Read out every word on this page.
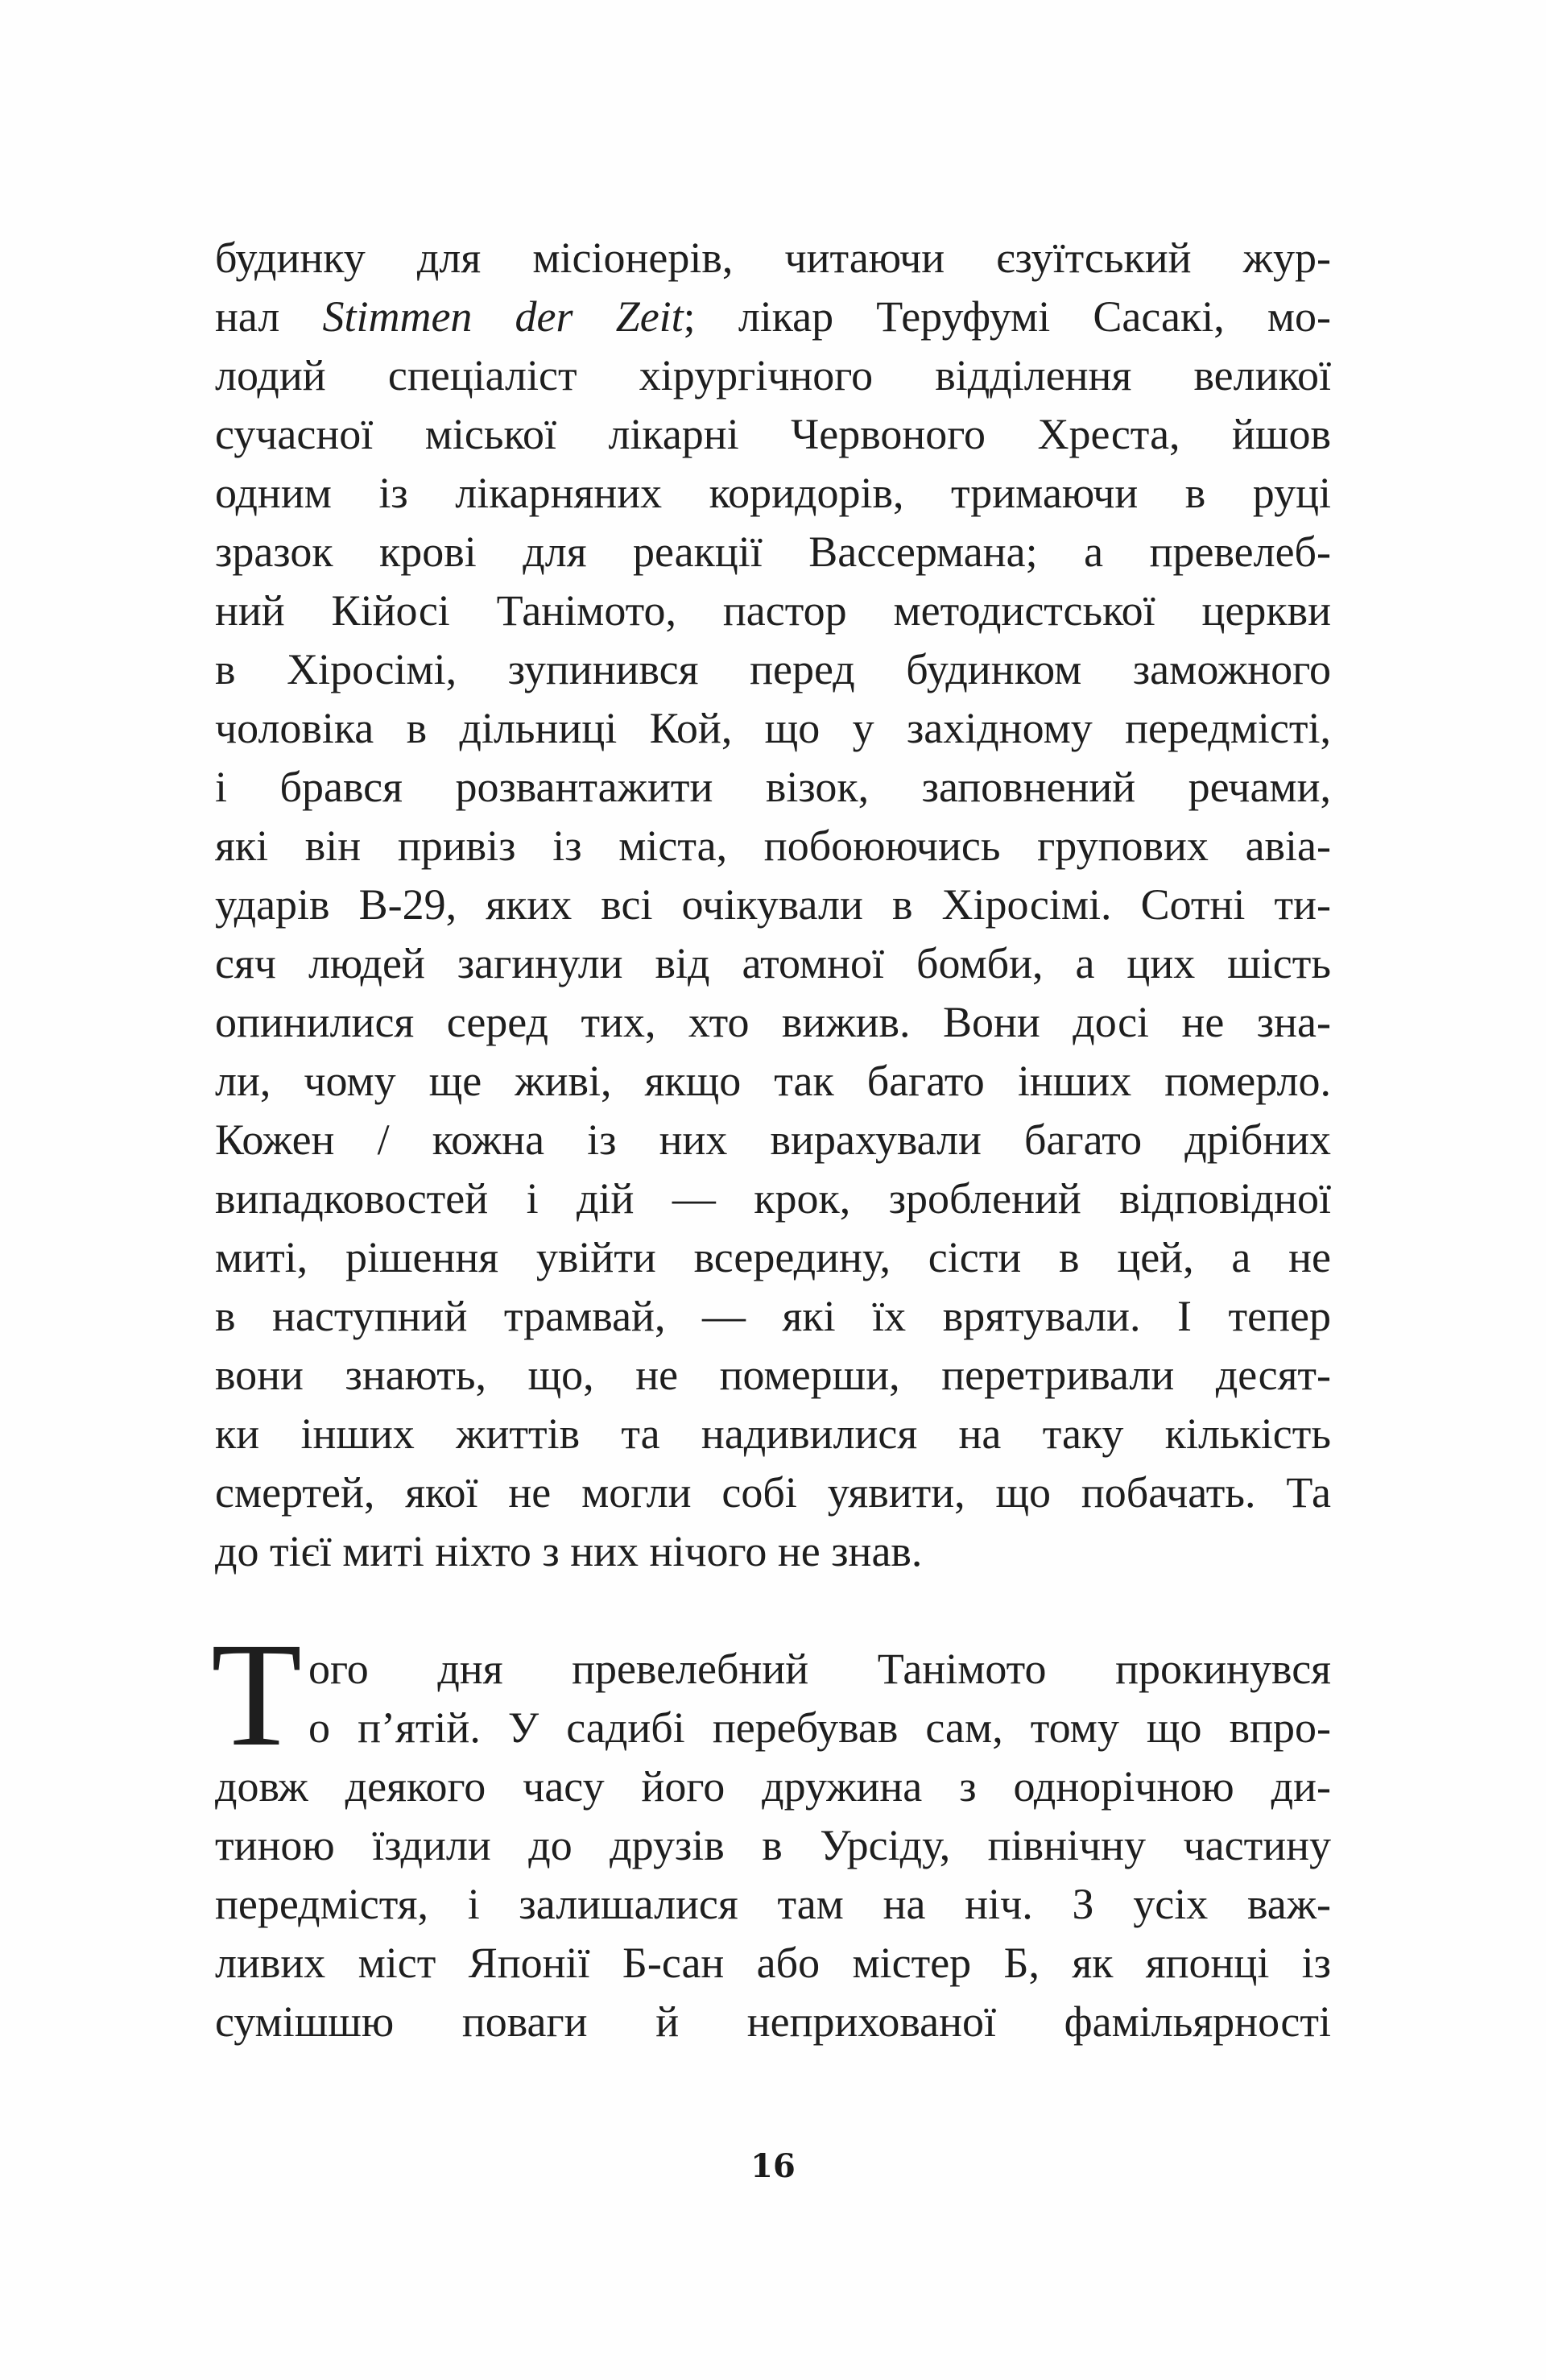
будинку для місіонерів, читаючи єзуїтський жур-
нал Stimmen der Zeit; лікар Теруфумі Сасакі, мо-
лодий спеціаліст хірургічного відділення великої
сучасної міської лікарні Червоного Хреста, йшов
одним із лікарняних коридорів, тримаючи в руці
зразок крові для реакції Вассермана; а превелеб-
ний Кійосі Танімото, пастор методистської церкви
в Хіросімі, зупинився перед будинком заможного
чоловіка в дільниці Кой, що у західному передмісті,
і брався розвантажити візок, заповнений речами,
які він привіз із міста, побоюючись групових авіа-
ударів B-29, яких всі очікували в Хіросімі. Сотні ти-
сяч людей загинули від атомної бомби, а цих шість
опинилися серед тих, хто вижив. Вони досі не зна-
ли, чому ще живі, якщо так багато інших померло.
Кожен / кожна із них вирахували багато дрібних
випадковостей і дій — крок, зроблений відповідної
миті, рішення увійти всередину, сісти в цей, а не
в наступний трамвай, — які їх врятували. І тепер
вони знають, що, не померши, перетривали десят-
ки інших життів та надивилися на таку кількість
смертей, якої не могли собі уявити, що побачать. Та
до тієї миті ніхто з них нічого не знав.
Т ого дня превелебний Танімото прокинувся
о п’ятій. У садибі перебував сам, тому що впро-
довж деякого часу його дружина з однорічною ди-
тиною їздили до друзів в Урсіду, північну частину
передмістя, і залишалися там на ніч. З усіх важ-
ливих міст Японії Б-сан або містер Б, як японці із
сумішшю поваги й неприхованої фамільярності
16
